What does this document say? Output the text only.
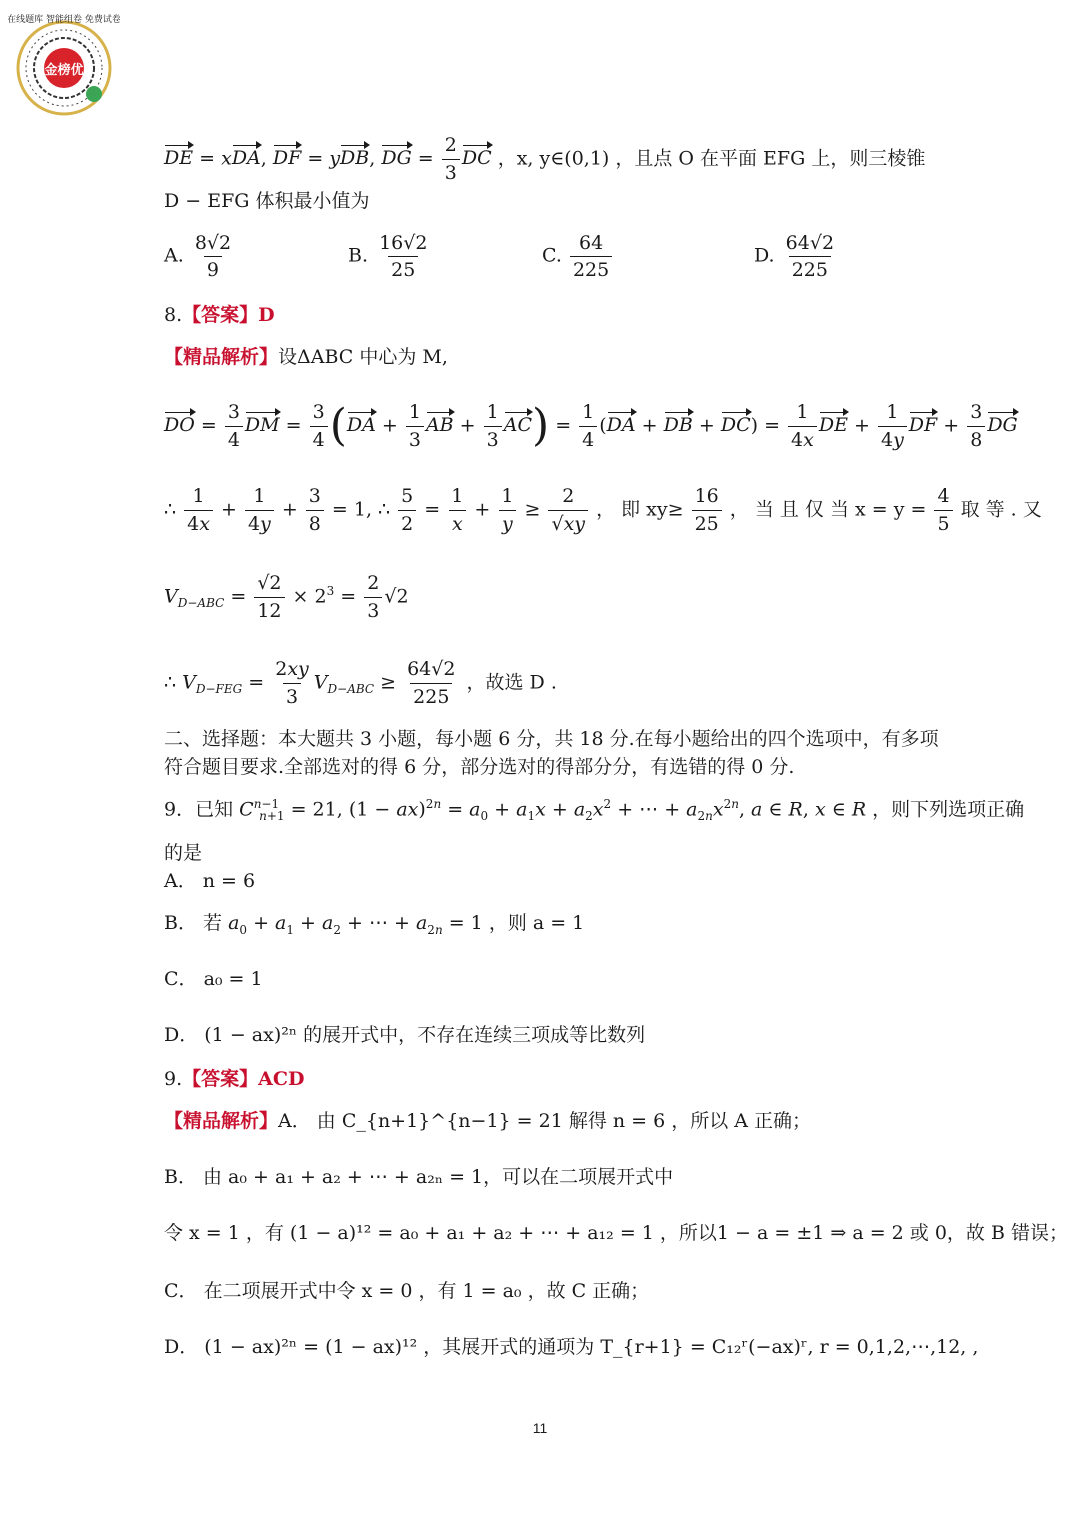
金榜优
在线题库 智能组卷 免费试卷
DE = xDA, DF = yDB, DG = $\frac{2}{3}$ DC ，x, y∈(0,1) ，且点 O 在平面 EFG 上，则三棱锥
D − EFG 体积最小值为
A. $\frac{8√2}{9}$	B. $\frac{16√2}{25}$	C. $\frac{64}{225}$	D. $\frac{64√2}{225}$
8.【答案】D
【精品解析】设ΔABC 中心为 M,
DO = $\frac{3}{4}$ DM = $\frac{3}{4} (DA + \frac{1}{3}$ AB + $\frac{1}{3} AC) = \frac{1}{4} (DA$ + DB + $DC) = \frac{1}{4x}$ DE + $\frac{1}{4y}$ DF + $\frac{3}{8}$ DG
∴ $\frac{1}{4x} + \frac{1}{4y} + \frac{3}{8} = 1$, ∴ $\frac{5}{2} = \frac{1}{x} + \frac{1}{y} \ge \frac{2}{√xy}$ ， 即 $xy\ge \frac{16}{25}$ ， 当 且 仅 当 $x = y = \frac{4}{5}$ 取 等 . 又
$V_{D-ABC} = \frac{√2}{12} \times 2^3 = \frac{2}{3} √2$
∴ $V_{D-FEG} = \frac{2xy}{3} V_{D-ABC} \ge \frac{64√2}{225}$ ，故选 D .
二、选择题：本大题共 3 小题，每小题 6 分，共 18 分.在每小题给出的四个选项中，有多项
符合题目要求.全部选对的得 6 分，部分选对的得部分分，有选错的得 0 分.
9．已知 $C^{n-1}_{n+1} = 21$, $(1 - ax)^{2n} = a_0 + a_1x + a_2x^2$ + ⋯ + $a_{2n}x^{2n}$, a ∈ R, x ∈ R ，则下列选项正确
的是
A． n = 6
B． 若 $a_0 + a_1 + a_2$ + ⋯ + $a_{2n} = 1$ ，则 a = 1
C． a₀ = 1
D． (1 − ax)²ⁿ 的展开式中，不存在连续三项成等比数列
9.【答案】ACD
【精品解析】A． 由 C_{n+1}^{n−1} = 21 解得 n = 6 ，所以 A 正确；
B． 由 a₀ + a₁ + a₂ + ⋯ + a₂ₙ = 1，可以在二项展开式中
令 x = 1 ，有 (1 − a)¹² = a₀ + a₁ + a₂ + ⋯ + a₁₂ = 1 ，所以1 − a = ±1 ⇒ a = 2 或 0，故 B 错误；
C． 在二项展开式中令 x = 0 ，有 1 = a₀ ，故 C 正确；
D． (1 − ax)²ⁿ = (1 − ax)¹² ，其展开式的通项为 T_{r+1} = C₁₂ʳ(−ax)ʳ, r = 0,1,2,⋯,12, ,
11
